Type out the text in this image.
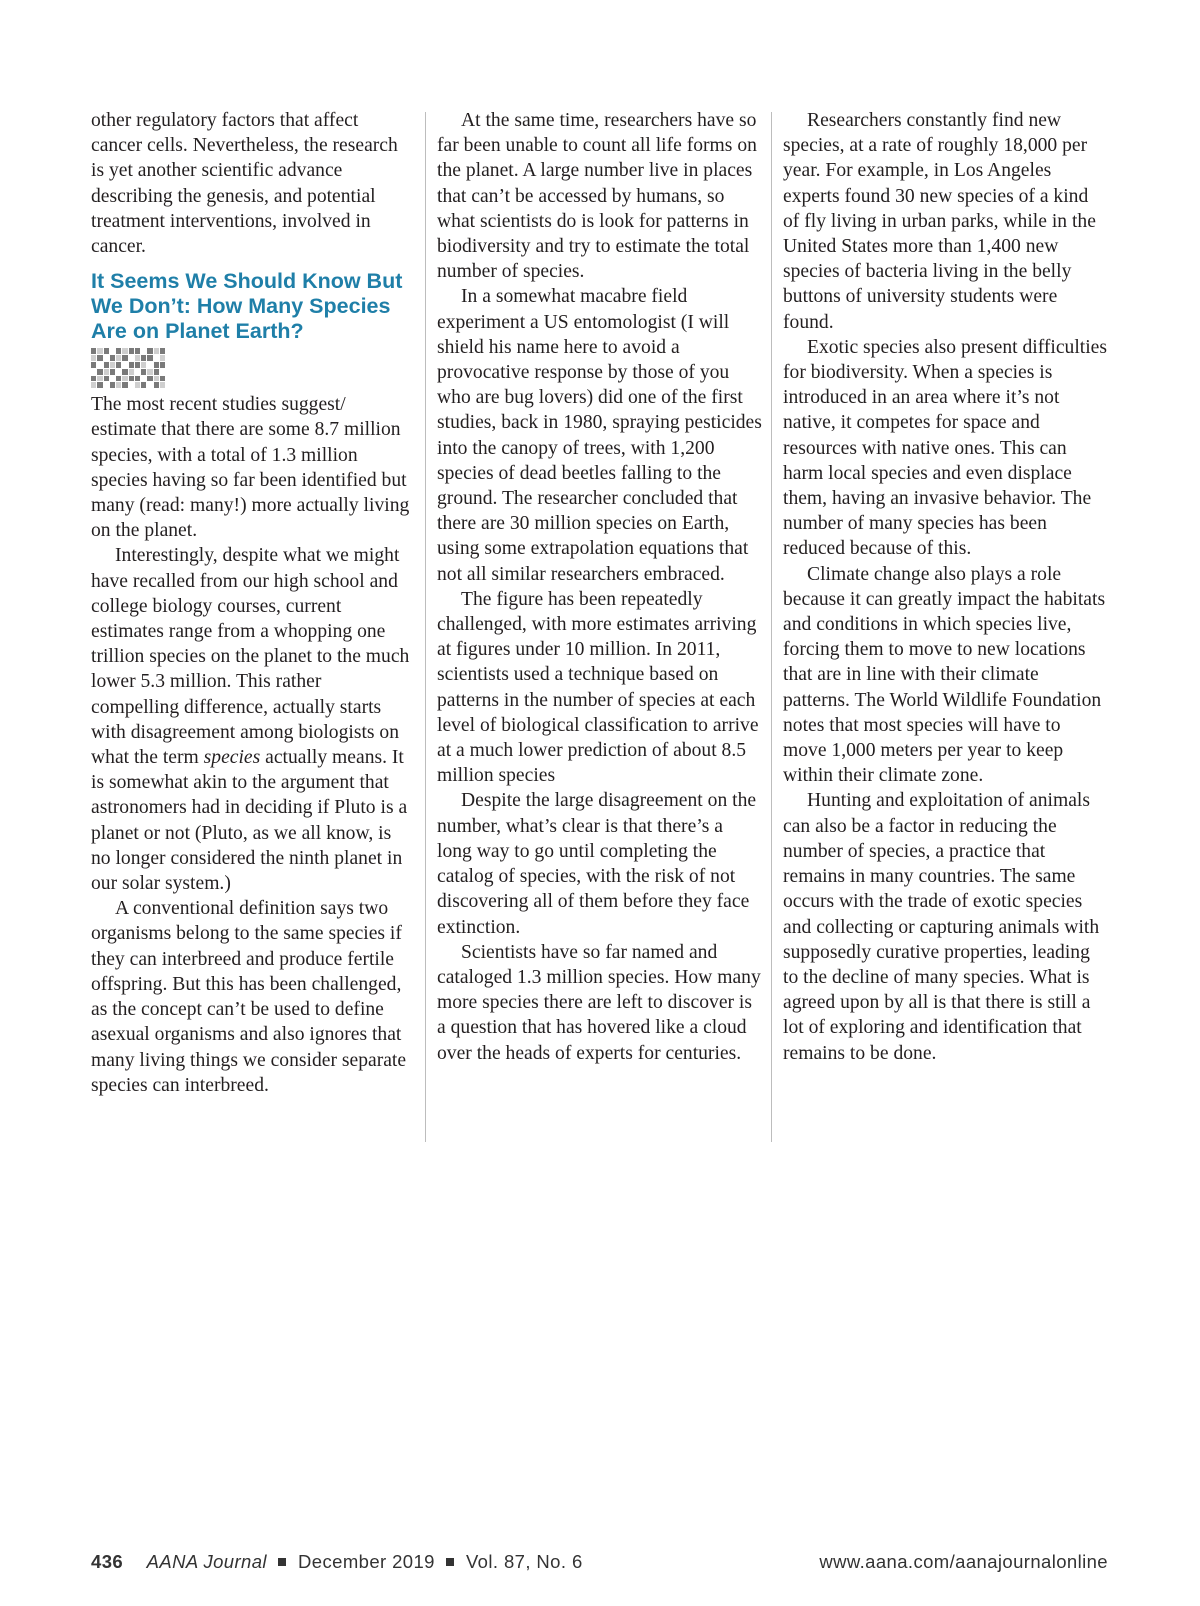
other regulatory factors that affect cancer cells. Nevertheless, the research is yet another scientific advance describing the genesis, and potential treatment interventions, involved in cancer.

It Seems We Should Know But We Don’t: How Many Species Are on Planet Earth?

The most recent studies suggest/ estimate that there are some 8.7 million species, with a total of 1.3 million species having so far been identified but many (read: many!) more actually living on the planet.

Interestingly, despite what we might have recalled from our high school and college biology courses, current estimates range from a whopping one trillion species on the planet to the much lower 5.3 million. This rather compelling difference, actually starts with disagreement among biologists on what the term species actually means. It is somewhat akin to the argument that astronomers had in deciding if Pluto is a planet or not (Pluto, as we all know, is no longer considered the ninth planet in our solar system.)

A conventional definition says two organisms belong to the same species if they can interbreed and produce fertile offspring. But this has been challenged, as the concept can’t be used to define asexual organisms and also ignores that many living things we consider separate species can interbreed.

At the same time, researchers have so far been unable to count all life forms on the planet. A large number live in places that can’t be accessed by humans, so what scientists do is look for patterns in biodiversity and try to estimate the total number of species.

In a somewhat macabre field experiment a US entomologist (I will shield his name here to avoid a provocative response by those of you who are bug lovers) did one of the first studies, back in 1980, spraying pesticides into the canopy of trees, with 1,200 species of dead beetles falling to the ground. The researcher concluded that there are 30 million species on Earth, using some extrapolation equations that not all similar researchers embraced.

The figure has been repeatedly challenged, with more estimates arriving at figures under 10 million. In 2011, scientists used a technique based on patterns in the number of species at each level of biological classification to arrive at a much lower prediction of about 8.5 million species

Despite the large disagreement on the number, what’s clear is that there’s a long way to go until completing the catalog of species, with the risk of not discovering all of them before they face extinction.

Scientists have so far named and cataloged 1.3 million species. How many more species there are left to discover is a question that has hovered like a cloud over the heads of experts for centuries.

Researchers constantly find new species, at a rate of roughly 18,000 per year. For example, in Los Angeles experts found 30 new species of a kind of fly living in urban parks, while in the United States more than 1,400 new species of bacteria living in the belly buttons of university students were found.

Exotic species also present difficulties for biodiversity. When a species is introduced in an area where it’s not native, it competes for space and resources with native ones. This can harm local species and even displace them, having an invasive behavior. The number of many species has been reduced because of this.

Climate change also plays a role because it can greatly impact the habitats and conditions in which species live, forcing them to move to new locations that are in line with their climate patterns. The World Wildlife Foundation notes that most species will have to move 1,000 meters per year to keep within their climate zone.

Hunting and exploitation of animals can also be a factor in reducing the number of species, a practice that remains in many countries. The same occurs with the trade of exotic species and collecting or capturing animals with supposedly curative properties, leading to the decline of many species. What is agreed upon by all is that there is still a lot of exploring and identification that remains to be done.

436 AANA Journal December 2019 Vol. 87, No. 6	www.aana.com/aanajournalonline
